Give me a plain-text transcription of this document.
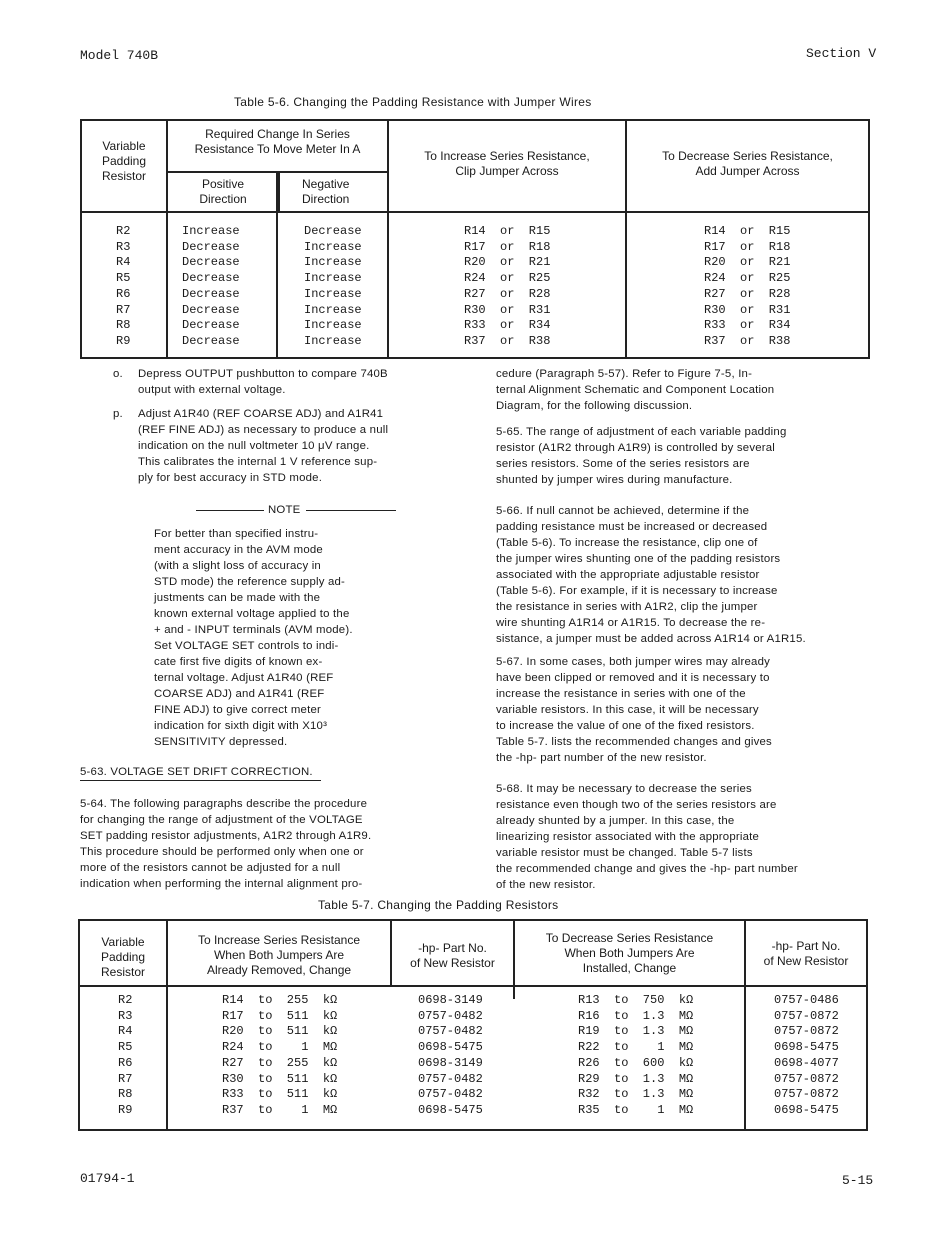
Model 740B	Section V
Table 5-6. Changing the Padding Resistance with Jumper Wires
Variable
Padding
Resistor
Required Change In Series
Resistance To Move Meter In A
Positive
Direction
Negative
Direction
To Increase Series Resistance,
Clip Jumper Across
To Decrease Series Resistance,
Add Jumper Across
R2
R3
R4
R5
R6
R7
R8
R9
Increase
Decrease
Decrease
Decrease
Decrease
Decrease
Decrease
Decrease
Decrease
Increase
Increase
Increase
Increase
Increase
Increase
Increase
R14  or  R15
R17  or  R18
R20  or  R21
R24  or  R25
R27  or  R28
R30  or  R31
R33  or  R34
R37  or  R38
R14  or  R15
R17  or  R18
R20  or  R21
R24  or  R25
R27  or  R28
R30  or  R31
R33  or  R34
R37  or  R38
o. Depress OUTPUT pushbutton to compare 740B
output with external voltage.
p. Adjust A1R40 (REF COARSE ADJ) and A1R41
(REF FINE ADJ) as necessary to produce a null
indication on the null voltmeter 10 μV range.
This calibrates the internal 1 V reference sup-
ply for best accuracy in STD mode.
NOTE
For better than specified instru-
ment accuracy in the AVM mode
(with a slight loss of accuracy in
STD mode) the reference supply ad-
justments can be made with the
known external voltage applied to the
+ and - INPUT terminals (AVM mode).
Set VOLTAGE SET controls to indi-
cate first five digits of known ex-
ternal voltage. Adjust A1R40 (REF
COARSE ADJ) and A1R41 (REF
FINE ADJ) to give correct meter
indication for sixth digit with X10³
SENSITIVITY depressed.
5-63. VOLTAGE SET DRIFT CORRECTION.
5-64. The following paragraphs describe the procedure
for changing the range of adjustment of the VOLTAGE
SET padding resistor adjustments, A1R2 through A1R9.
This procedure should be performed only when one or
more of the resistors cannot be adjusted for a null
indication when performing the internal alignment pro-
cedure (Paragraph 5-57). Refer to Figure 7-5, In-
ternal Alignment Schematic and Component Location
Diagram, for the following discussion.
5-65. The range of adjustment of each variable padding
resistor (A1R2 through A1R9) is controlled by several
series resistors. Some of the series resistors are
shunted by jumper wires during manufacture.
5-66. If null cannot be achieved, determine if the
padding resistance must be increased or decreased
(Table 5-6). To increase the resistance, clip one of
the jumper wires shunting one of the padding resistors
associated with the appropriate adjustable resistor
(Table 5-6). For example, if it is necessary to increase
the resistance in series with A1R2, clip the jumper
wire shunting A1R14 or A1R15. To decrease the re-
sistance, a jumper must be added across A1R14 or A1R15.
5-67. In some cases, both jumper wires may already
have been clipped or removed and it is necessary to
increase the resistance in series with one of the
variable resistors. In this case, it will be necessary
to increase the value of one of the fixed resistors.
Table 5-7. lists the recommended changes and gives
the -hp- part number of the new resistor.
5-68. It may be necessary to decrease the series
resistance even though two of the series resistors are
already shunted by a jumper. In this case, the
linearizing resistor associated with the appropriate
variable resistor must be changed. Table 5-7 lists
the recommended change and gives the -hp- part number
of the new resistor.
Table 5-7. Changing the Padding Resistors
Variable
Padding
Resistor
To Increase Series Resistance
When Both Jumpers Are
Already Removed, Change
-hp- Part No.
of New Resistor
To Decrease Series Resistance
When Both Jumpers Are
Installed, Change
-hp- Part No.
of New Resistor
R2
R3
R4
R5
R6
R7
R8
R9
R14  to  255  kΩ
R17  to  511  kΩ
R20  to  511  kΩ
R24  to    1  MΩ
R27  to  255  kΩ
R30  to  511  kΩ
R33  to  511  kΩ
R37  to    1  MΩ
0698-3149
0757-0482
0757-0482
0698-5475
0698-3149
0757-0482
0757-0482
0698-5475
R13  to  750  kΩ
R16  to  1.3  MΩ
R19  to  1.3  MΩ
R22  to    1  MΩ
R26  to  600  kΩ
R29  to  1.3  MΩ
R32  to  1.3  MΩ
R35  to    1  MΩ
0757-0486
0757-0872
0757-0872
0698-5475
0698-4077
0757-0872
0757-0872
0698-5475
01794-1	5-15
